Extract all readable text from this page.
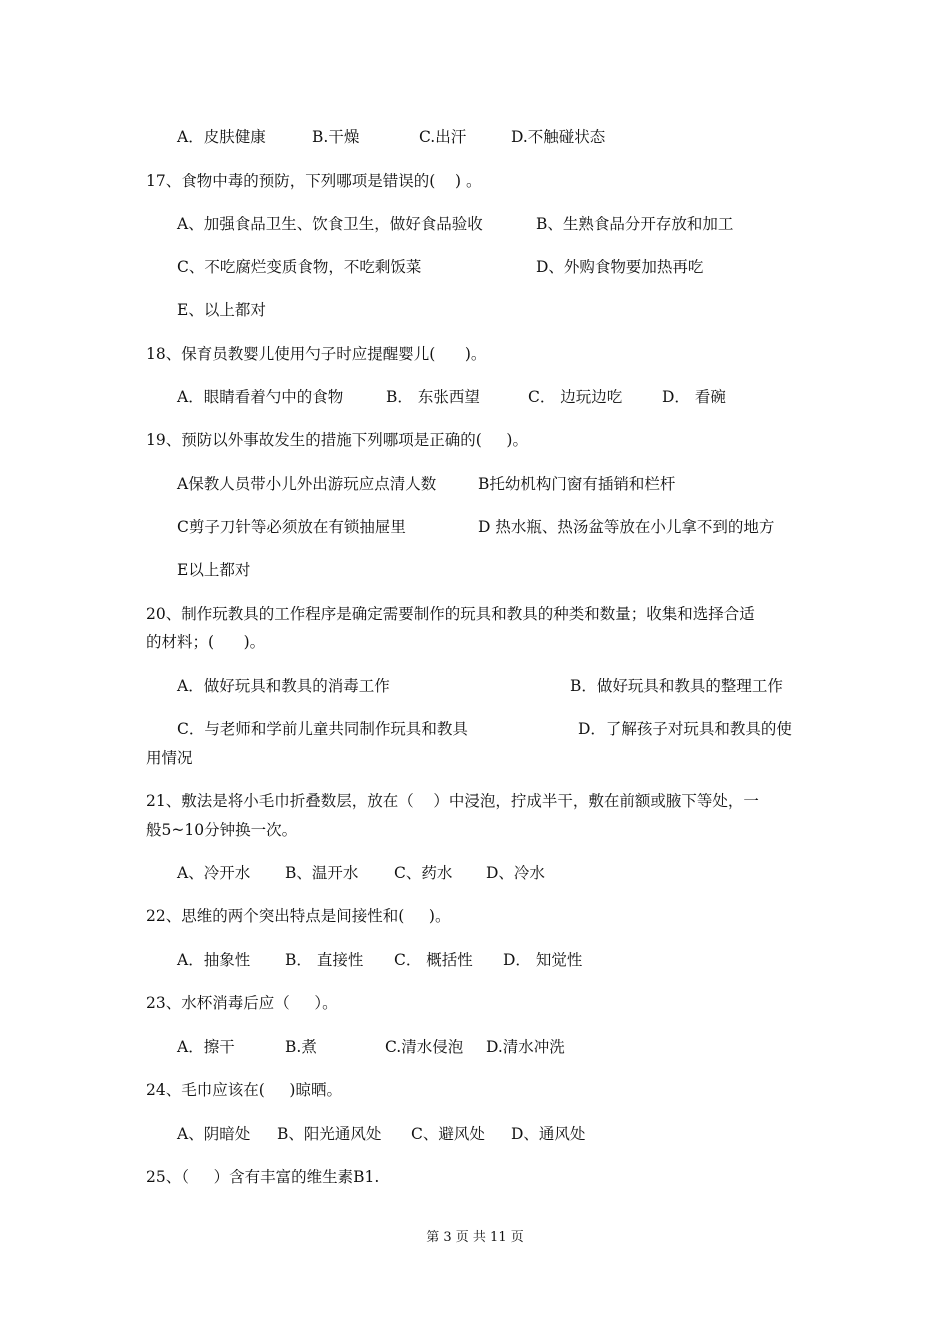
A．皮肤健康	B.干燥	C.出汗	D.不触碰状态
17、食物中毒的预防，下列哪项是错误的(    ) 。
A、加强食品卫生、饮食卫生，做好食品验收	B、生熟食品分开存放和加工
C、不吃腐烂变质食物，不吃剩饭菜	D、外购食物要加热再吃
E、以上都对
18、保育员教婴儿使用勺子时应提醒婴儿(      )。
A．眼睛看着勺中的食物	B． 东张西望	C． 边玩边吃	D． 看碗
19、预防以外事故发生的措施下列哪项是正确的(     )。
A保教人员带小儿外出游玩应点清人数	B托幼机构门窗有插销和栏杆
C剪子刀针等必须放在有锁抽屉里	D 热水瓶、热汤盆等放在小儿拿不到的地方
E以上都对
20、制作玩教具的工作程序是确定需要制作的玩具和教具的种类和数量；收集和选择合适
的材料；(      )。
A．做好玩具和教具的消毒工作	B．做好玩具和教具的整理工作
C．与老师和学前儿童共同制作玩具和教具	D．了解孩子对玩具和教具的使
用情况
21、敷法是将小毛巾折叠数层，放在（    ）中浸泡，拧成半干，敷在前额或腋下等处，一
般5~10分钟换一次。
A、冷开水 B、温开水 C、药水 D、冷水
22、思维的两个突出特点是间接性和(     )。
A．抽象性 B． 直接性 C． 概括性 D． 知觉性
23、水杯消毒后应（     ）。
A．擦干	B.煮	C.清水侵泡 D.清水冲洗
24、毛巾应该在(     )晾晒。
A、阴暗处 B、阳光通风处 C、避风处 D、通风处
25、（     ）含有丰富的维生素B1.
第 3 页 共 11 页
